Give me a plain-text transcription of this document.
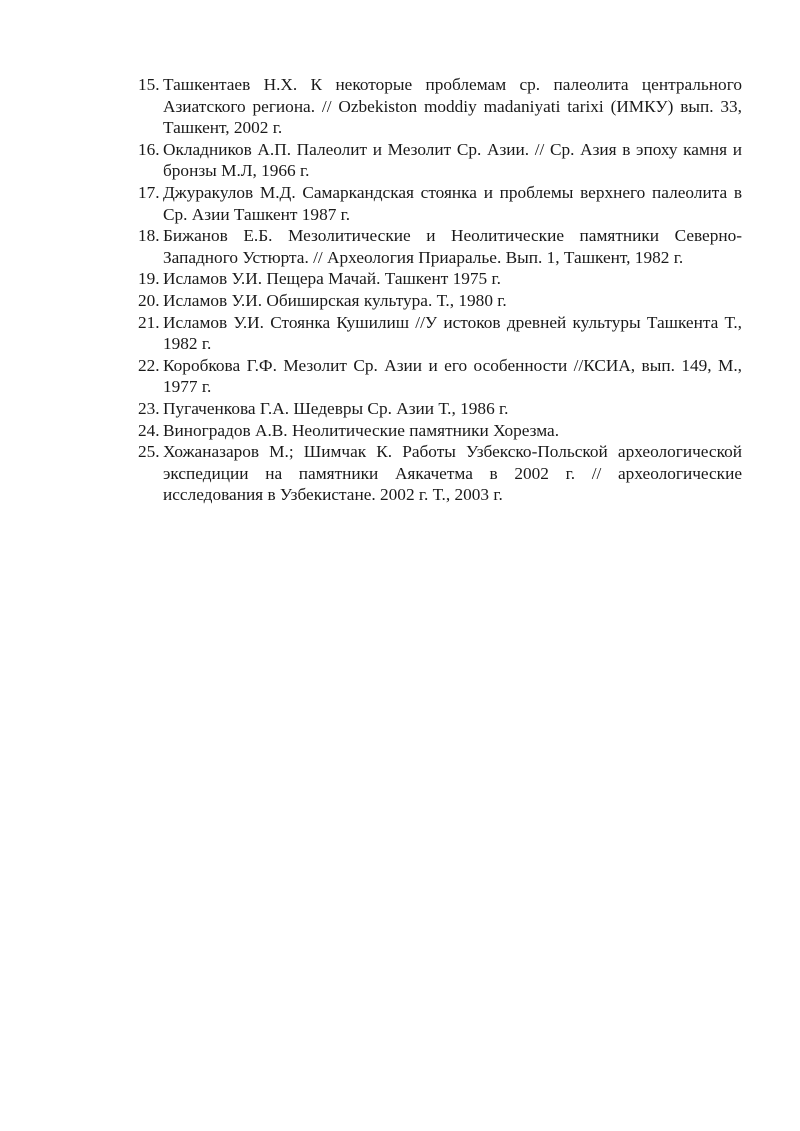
15. Ташкентаев Н.Х. К некоторые проблемам ср. палеолита центрального Азиатского региона. // Ozbekiston moddiy madaniyati tarixi (ИМКУ) вып. 33, Ташкент, 2002 г.
16. Окладников А.П. Палеолит и Мезолит Ср. Азии. // Ср. Азия в эпоху камня и бронзы М.Л, 1966 г.
17. Джуракулов М.Д. Самаркандская стоянка и проблемы верхнего палеолита в Ср. Азии Ташкент 1987 г.
18. Бижанов Е.Б. Мезолитические и Неолитические памятники Северно-Западного Устюрта. // Археология Приаралье. Вып. 1, Ташкент, 1982 г.
19. Исламов У.И. Пещера Мачай. Ташкент 1975 г.
20. Исламов У.И. Обиширская культура. Т., 1980 г.
21. Исламов У.И. Стоянка Кушилиш //У истоков древней культуры Ташкента Т., 1982 г.
22. Коробкова Г.Ф. Мезолит Ср. Азии и его особенности //КСИА, вып. 149, М., 1977 г.
23. Пугаченкова Г.А. Шедевры Ср. Азии Т., 1986 г.
24. Виноградов А.В. Неолитические памятники Хорезма.
25. Хожаназаров М.; Шимчак К. Работы Узбекско-Польской археологической экспедиции на памятники Аякачетма в 2002 г. // археологические исследования в Узбекистане. 2002 г. Т., 2003 г.
